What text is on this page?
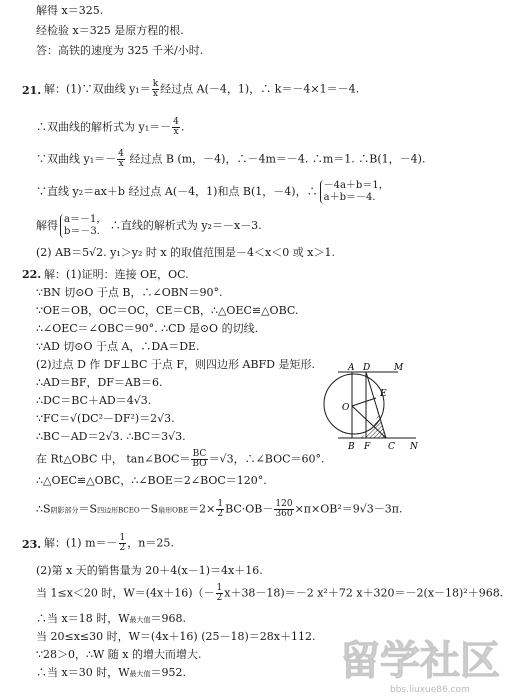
解得 x＝325.
经检验 x＝325 是原方程的根.
答：高铁的速度为 325 千米/小时.
21. 解：(1)∵双曲线 $y_1= \frac{k}{x}$ 经过点 A(－4，1)，∴ k＝－4×1＝－4.
∴双曲线的解析式为 $y_1=- \frac{4}{x}$ .
∵双曲线 $y_1=- \frac{4}{x}$ 经过点 B (m，－4)，∴－4m＝－4. ∴m＝1. ∴B(1，－4).
∵直线 y₂＝ax＋b 经过点 A(－4，1)和点 B(1，－4)，∴ －4a＋b＝1，
a＋b＝－4.
解得 a＝－1，
b＝－3. ∴直线的解析式为 y₂＝－x－3.
(2) AB＝5√2. y₁＞y₂ 时 x 的取值范围是－4＜x＜0 或 x＞1.
22. 解：(1)证明：连接 OE，OC.
∵BN 切⊙O 于点 B，∴∠OBN＝90°.
∵OE＝OB，OC＝OC，CE＝CB，∴△OEC≌△OBC.
∴∠OEC＝∠OBC＝90°. ∴CD 是⊙O 的切线.
∵AD 切⊙O 于点 A，∴DA＝DE.
(2)过点 D 作 DF⊥BC 于点 F，则四边形 ABFD 是矩形.
∴AD＝BF，DF＝AB＝6.
∴DC＝BC＋AD＝4√3.
∵FC＝√(DC²－DF²)＝2√3.
∴BC－AD＝2√3. ∴BC＝3√3.
在 Rt△OBC 中， tan∠BOC＝ $\frac{BC}{BO} =√3$，∴∠BOC＝60°.
∴△OEC≌△OBC，∴∠BOE＝2∠BOC＝120°.
∴S阴影部分＝S四边形BCEO－S扇形$OBE=2\times \frac{1}{2} BC\cdot OB- \frac{120}{360} \times\pi\times OB^2=9√3-3\pi$.
A D	M
E
O
B F C N
23. 解：(1) $m=- \frac{1}{2}$ ，n＝25.
(2)第 x 天的销售量为 20＋4(x－1)＝4x＋16.
当 1≤x＜20 时，$W=(4x+16)(- \frac{1}{2} x+38-18)=-2$ x²＋72 x＋320＝－2(x－18)²＋968.
∴当 x＝18 时，W最大值＝968.
当 20≤x≤30 时，W＝(4x＋16) (25－18)＝28x＋112.
∵28＞0，∴W 随 x 的增大而增大.
∴当 x＝30 时，W最大值＝952.	留学社区
bbs.liuxue86.com
